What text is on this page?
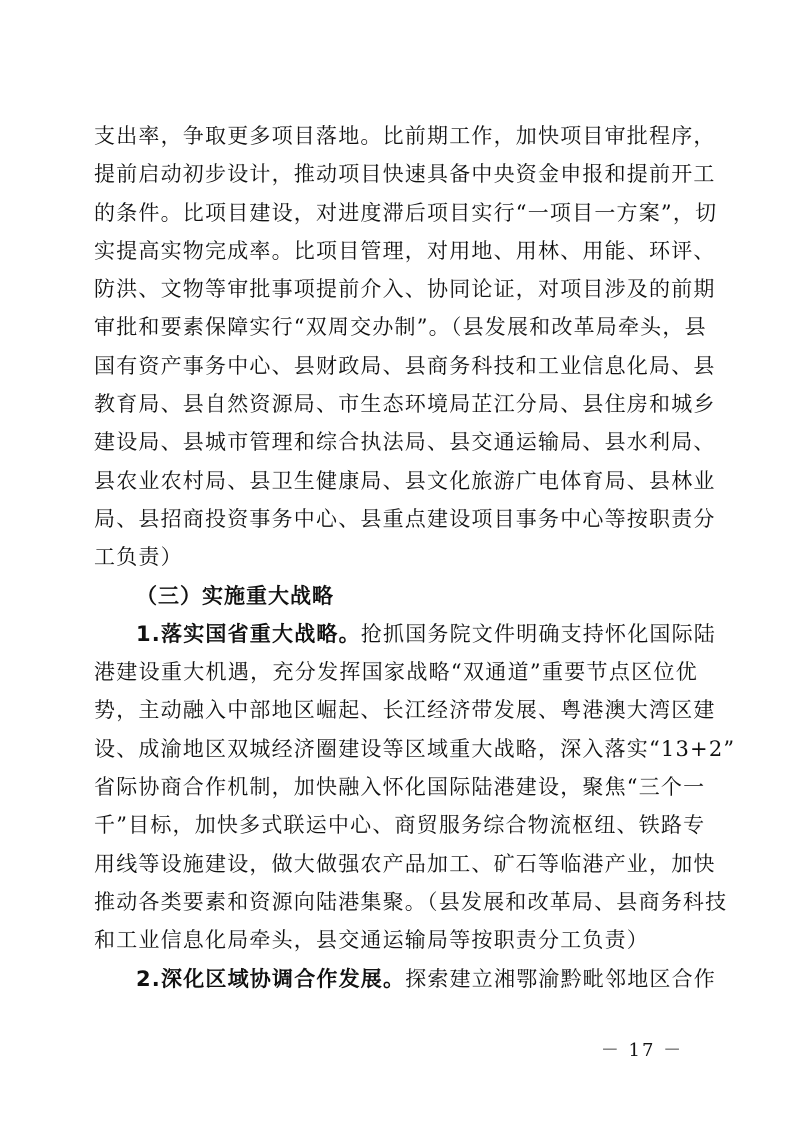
支出率，争取更多项目落地。比前期工作，加快项目审批程序，
提前启动初步设计，推动项目快速具备中央资金申报和提前开工
的条件。比项目建设，对进度滞后项目实行“一项目一方案”，切
实提高实物完成率。比项目管理，对用地、用林、用能、环评、
防洪、文物等审批事项提前介入、协同论证，对项目涉及的前期
审批和要素保障实行“双周交办制”。（县发展和改革局牵头，县
国有资产事务中心、县财政局、县商务科技和工业信息化局、县
教育局、县自然资源局、市生态环境局芷江分局、县住房和城乡
建设局、县城市管理和综合执法局、县交通运输局、县水利局、
县农业农村局、县卫生健康局、县文化旅游广电体育局、县林业
局、县招商投资事务中心、县重点建设项目事务中心等按职责分
工负责）
（三）实施重大战略
1.落实国省重大战略。抢抓国务院文件明确支持怀化国际陆
港建设重大机遇，充分发挥国家战略“双通道”重要节点区位优
势，主动融入中部地区崛起、长江经济带发展、粤港澳大湾区建
设、成渝地区双城经济圈建设等区域重大战略，深入落实“13+2”
省际协商合作机制，加快融入怀化国际陆港建设，聚焦“三个一
千”目标，加快多式联运中心、商贸服务综合物流枢纽、铁路专
用线等设施建设，做大做强农产品加工、矿石等临港产业，加快
推动各类要素和资源向陆港集聚。（县发展和改革局、县商务科技
和工业信息化局牵头，县交通运输局等按职责分工负责）
2.深化区域协调合作发展。探索建立湘鄂渝黔毗邻地区合作
－ 17 －
